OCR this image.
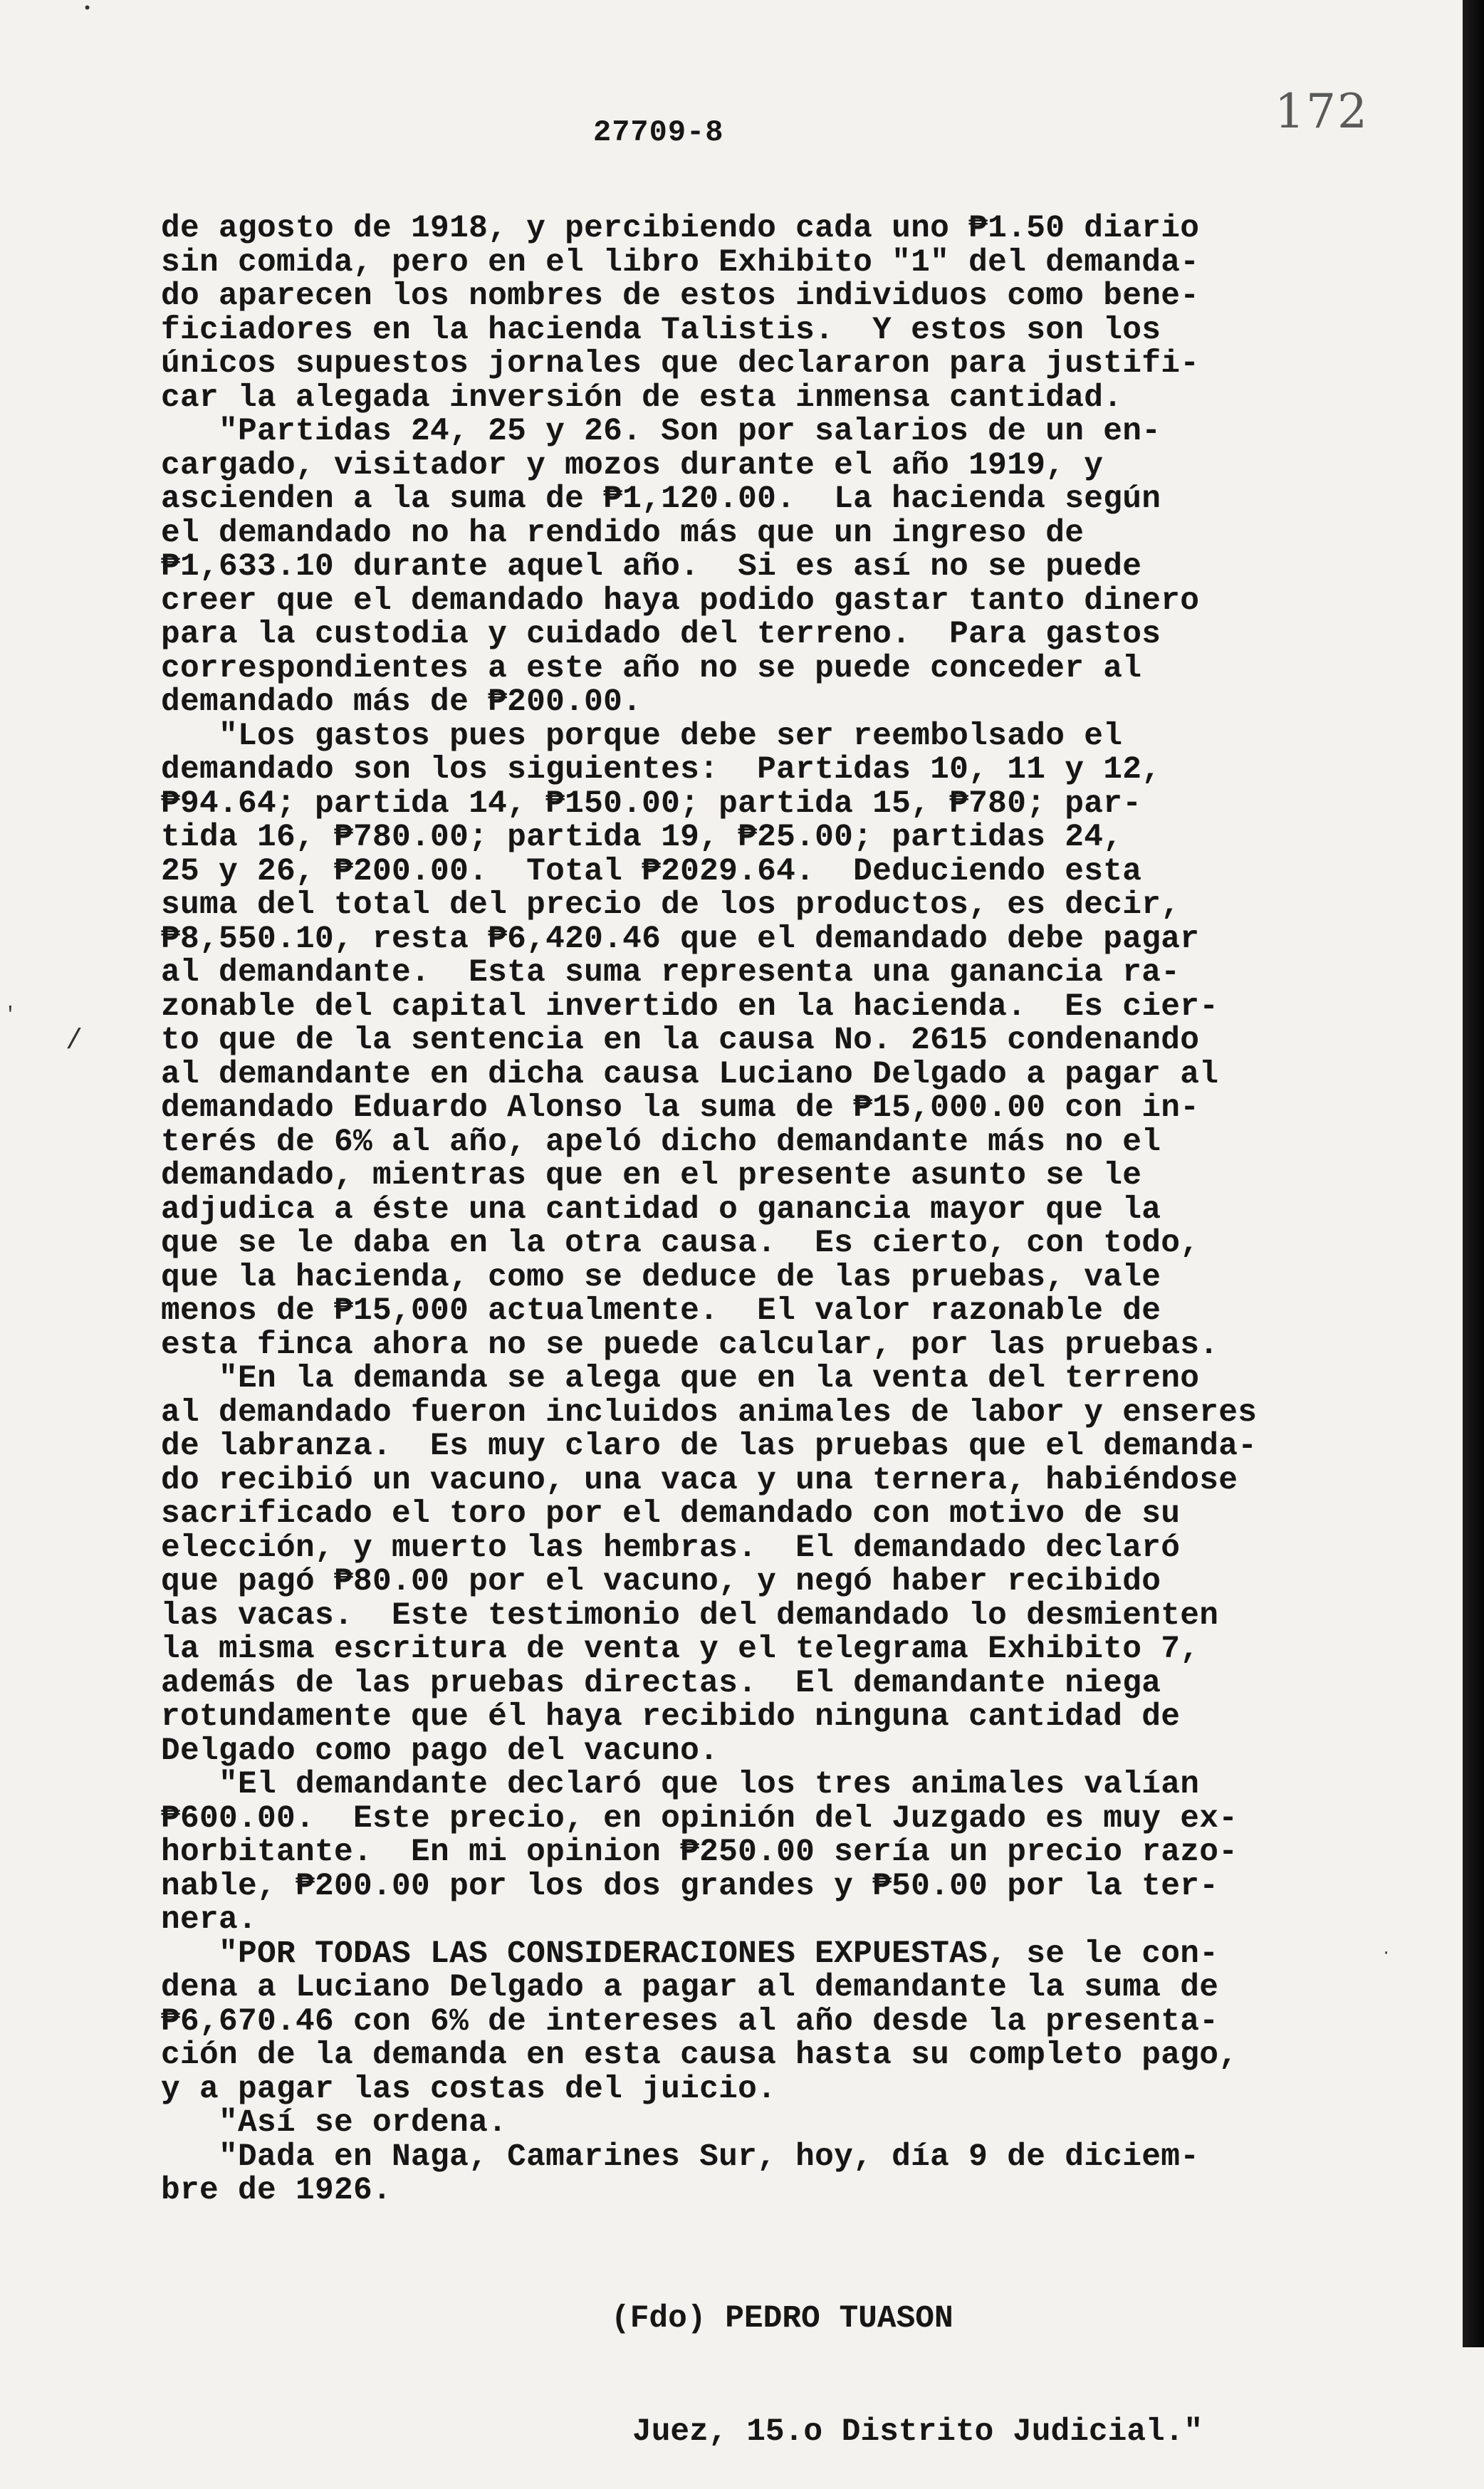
172
27709-8
de agosto de 1918, y percibiendo cada uno ₱1.50 diario
sin comida, pero en el libro Exhibito "1" del demanda-
do aparecen los nombres de estos individuos como bene-
ficiadores en la hacienda Talistis.  Y estos son los
únicos supuestos jornales que declararon para justifi-
car la alegada inversión de esta inmensa cantidad.
"Partidas 24, 25 y 26. Son por salarios de un en-
cargado, visitador y mozos durante el año 1919, y
ascienden a la suma de ₱1,120.00.  La hacienda según
el demandado no ha rendido más que un ingreso de
₱1,633.10 durante aquel año.  Si es así no se puede
creer que el demandado haya podido gastar tanto dinero
para la custodia y cuidado del terreno.  Para gastos
correspondientes a este año no se puede conceder al
demandado más de ₱200.00.
"Los gastos pues porque debe ser reembolsado el
demandado son los siguientes:  Partidas 10, 11 y 12,
₱94.64; partida 14, ₱150.00; partida 15, ₱780; par-
tida 16, ₱780.00; partida 19, ₱25.00; partidas 24,
25 y 26, ₱200.00.  Total ₱2029.64.  Deduciendo esta
suma del total del precio de los productos, es decir,
₱8,550.10, resta ₱6,420.46 que el demandado debe pagar
al demandante.  Esta suma representa una ganancia ra-
zonable del capital invertido en la hacienda.  Es cier-
to que de la sentencia en la causa No. 2615 condenando
al demandante en dicha causa Luciano Delgado a pagar al
demandado Eduardo Alonso la suma de ₱15,000.00 con in-
terés de 6% al año, apeló dicho demandante más no el
demandado, mientras que en el presente asunto se le
adjudica a éste una cantidad o ganancia mayor que la
que se le daba en la otra causa.  Es cierto, con todo,
que la hacienda, como se deduce de las pruebas, vale
menos de ₱15,000 actualmente.  El valor razonable de
esta finca ahora no se puede calcular, por las pruebas.
"En la demanda se alega que en la venta del terreno
al demandado fueron incluidos animales de labor y enseres
de labranza.  Es muy claro de las pruebas que el demanda-
do recibió un vacuno, una vaca y una ternera, habiéndose
sacrificado el toro por el demandado con motivo de su
elección, y muerto las hembras.  El demandado declaró
que pagó ₱80.00 por el vacuno, y negó haber recibido
las vacas.  Este testimonio del demandado lo desmienten
la misma escritura de venta y el telegrama Exhibito 7,
además de las pruebas directas.  El demandante niega
rotundamente que él haya recibido ninguna cantidad de
Delgado como pago del vacuno.
"El demandante declaró que los tres animales valían
₱600.00.  Este precio, en opinión del Juzgado es muy ex-
horbitante.  En mi opinion ₱250.00 sería un precio razo-
nable, ₱200.00 por los dos grandes y ₱50.00 por la ter-
nera.
"POR TODAS LAS CONSIDERACIONES EXPUESTAS, se le con-
dena a Luciano Delgado a pagar al demandante la suma de
₱6,670.46 con 6% de intereses al año desde la presenta-
ción de la demanda en esta causa hasta su completo pago,
y a pagar las costas del juicio.
"Así se ordena.
"Dada en Naga, Camarines Sur, hoy, día 9 de diciem-
bre de 1926.

(Fdo) PEDRO TUASON

Juez, 15.o Distrito Judicial."

'
/
•
·
